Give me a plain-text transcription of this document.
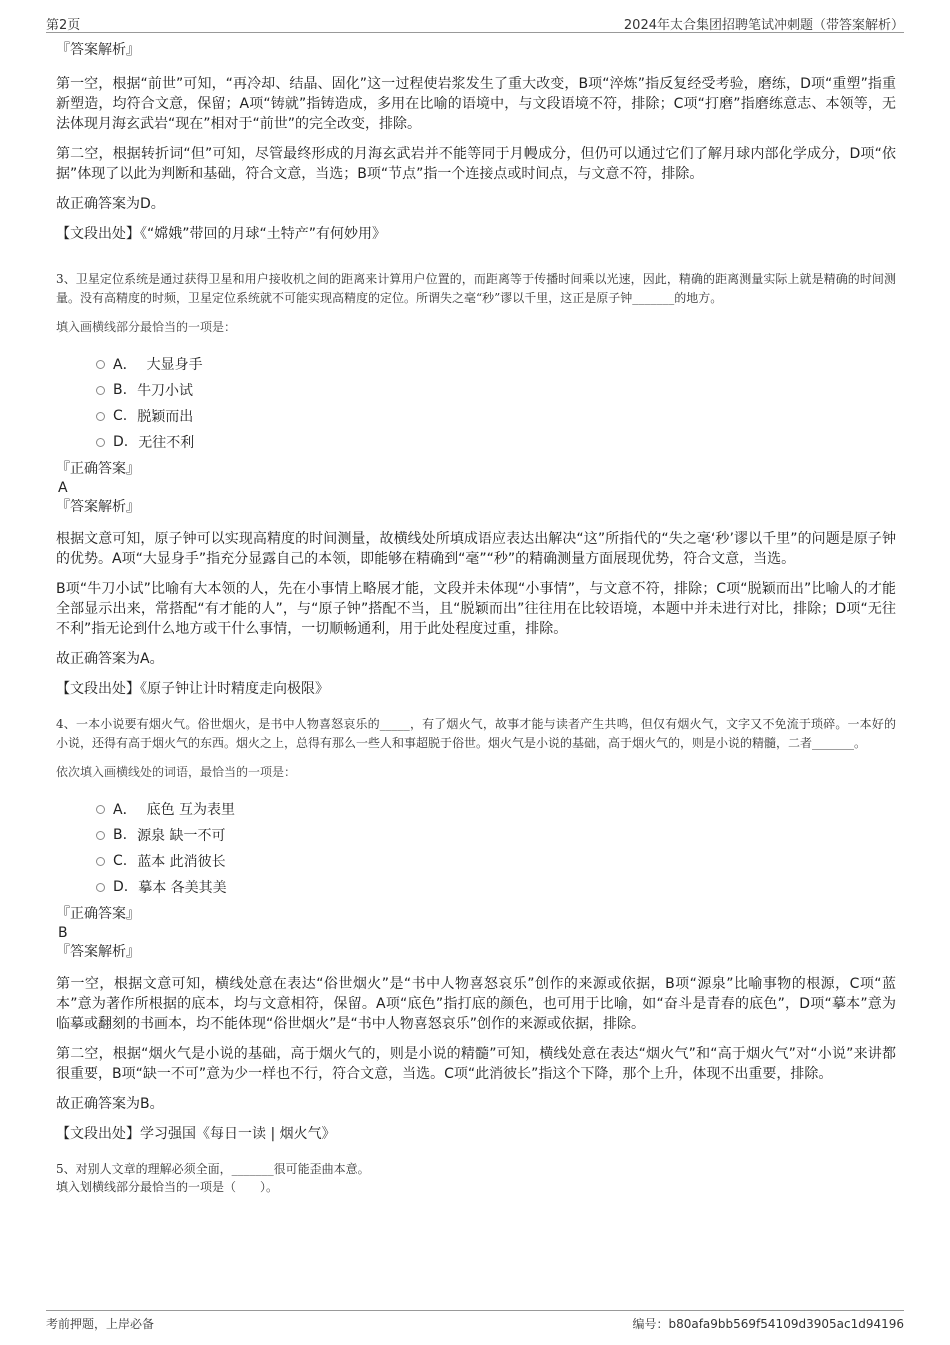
第2页	2024年太合集团招聘笔试冲刺题（带答案解析）
『答案解析』

第一空，根据“前世”可知，“再冷却、结晶、固化”这一过程使岩浆发生了重大改变，B项“淬炼”指反复经受考验，磨练，D项“重塑”指重新塑造，均符合文意，保留；A项“铸就”指铸造成，多用在比喻的语境中，与文段语境不符，排除；C项“打磨”指磨练意志、本领等，无法体现月海玄武岩“现在”相对于“前世”的完全改变，排除。

第二空，根据转折词“但”可知，尽管最终形成的月海玄武岩并不能等同于月幔成分，但仍可以通过它们了解月球内部化学成分，D项“依据”体现了以此为判断和基础，符合文意，当选；B项“节点”指一个连接点或时间点，与文意不符，排除。

故正确答案为D。

【文段出处】《“嫦娥”带回的月球“土特产”有何妙用》

3、卫星定位系统是通过获得卫星和用户接收机之间的距离来计算用户位置的，而距离等于传播时间乘以光速，因此，精确的距离测量实际上就是精确的时间测量。没有高精度的时频，卫星定位系统就不可能实现高精度的定位。所谓失之毫“秒”谬以千里，这正是原子钟_______的地方。

填入画横线部分最恰当的一项是：

A． 大显身手
B. 牛刀小试
C. 脱颖而出
D. 无往不利
『正确答案』
A
『答案解析』

根据文意可知，原子钟可以实现高精度的时间测量，故横线处所填成语应表达出解决“这”所指代的“失之毫‘秒’谬以千里”的问题是原子钟的优势。A项“大显身手”指充分显露自己的本领，即能够在精确到“毫”“秒”的精确测量方面展现优势，符合文意，当选。

B项“牛刀小试”比喻有大本领的人，先在小事情上略展才能，文段并未体现“小事情”，与文意不符，排除；C项“脱颖而出”比喻人的才能全部显示出来，常搭配“有才能的人”，与“原子钟”搭配不当，且“脱颖而出”往往用在比较语境，本题中并未进行对比，排除；D项“无往不利”指无论到什么地方或干什么事情，一切顺畅通利，用于此处程度过重，排除。

故正确答案为A。

【文段出处】《原子钟让计时精度走向极限》

4、一本小说要有烟火气。俗世烟火，是书中人物喜怒哀乐的_____，有了烟火气，故事才能与读者产生共鸣，但仅有烟火气，文字又不免流于琐碎。一本好的小说，还得有高于烟火气的东西。烟火之上，总得有那么一些人和事超脱于俗世。烟火气是小说的基础，高于烟火气的，则是小说的精髓，二者_______。

依次填入画横线处的词语，最恰当的一项是：

A． 底色 互为表里
B. 源泉 缺一不可
C. 蓝本 此消彼长
D. 摹本 各美其美
『正确答案』
B
『答案解析』

第一空，根据文意可知，横线处意在表达“俗世烟火”是“书中人物喜怒哀乐”创作的来源或依据，B项“源泉”比喻事物的根源，C项“蓝本”意为著作所根据的底本，均与文意相符，保留。A项“底色”指打底的颜色，也可用于比喻，如“奋斗是青春的底色”，D项“摹本”意为临摹或翻刻的书画本，均不能体现“俗世烟火”是“书中人物喜怒哀乐”创作的来源或依据，排除。

第二空，根据“烟火气是小说的基础，高于烟火气的，则是小说的精髓”可知，横线处意在表达“烟火气”和“高于烟火气”对“小说”来讲都很重要，B项“缺一不可”意为少一样也不行，符合文意，当选。C项“此消彼长”指这个下降，那个上升，体现不出重要，排除。

故正确答案为B。

【文段出处】学习强国《每日一读 | 烟火气》

5、对别人文章的理解必须全面，_______很可能歪曲本意。
填入划横线部分最恰当的一项是（　　）。
考前押题，上岸必备	编号：b80afa9bb569f54109d3905ac1d94196
